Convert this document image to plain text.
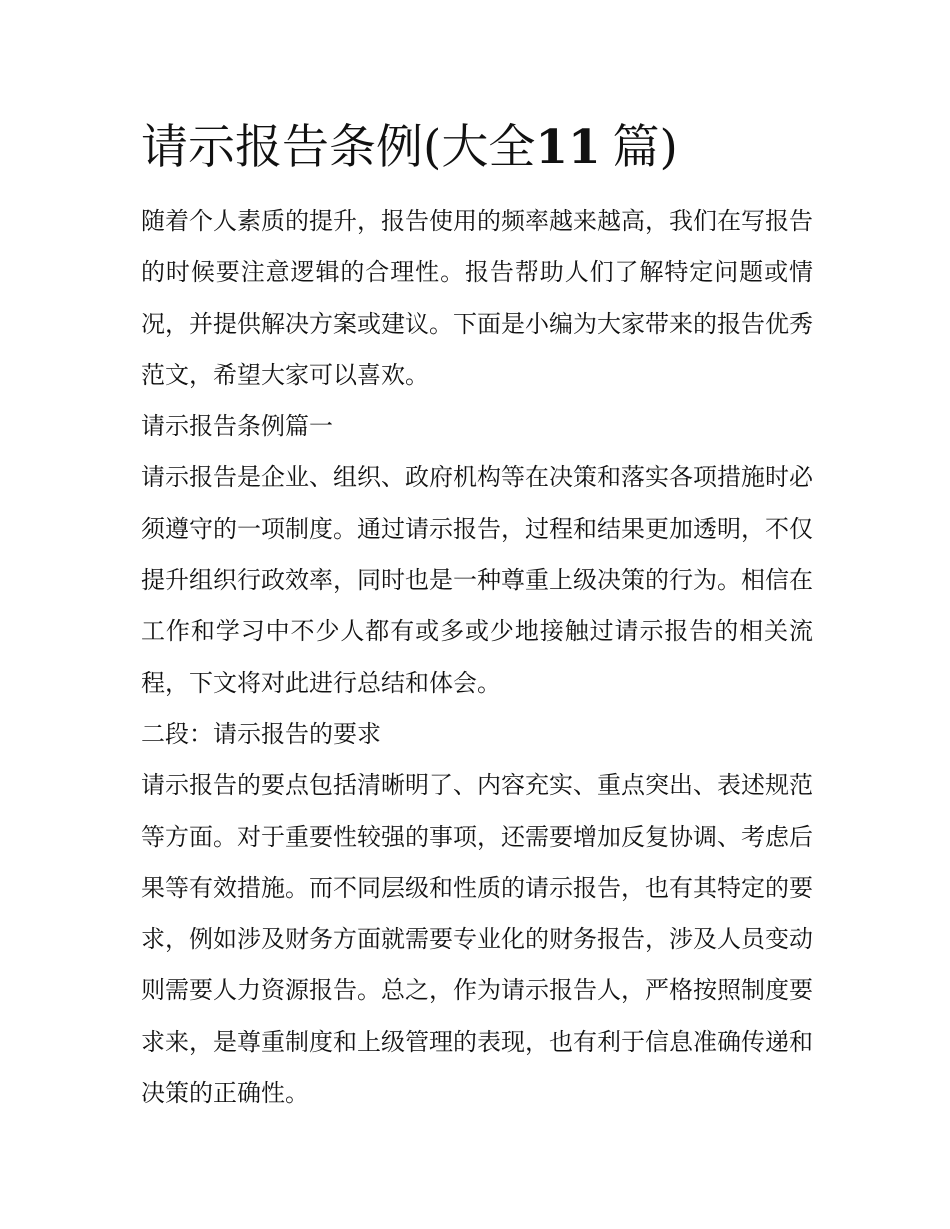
请示报告条例(大全11  篇)

随着个人素质的提升，报告使用的频率越来越高，我们在写报告的时候要注意逻辑的合理性。报告帮助人们了解特定问题或情况，并提供解决方案或建议。下面是小编为大家带来的报告优秀范文，希望大家可以喜欢。

请示报告条例篇一

请示报告是企业、组织、政府机构等在决策和落实各项措施时必须遵守的一项制度。通过请示报告，过程和结果更加透明，不仅提升组织行政效率，同时也是一种尊重上级决策的行为。相信在工作和学习中不少人都有或多或少地接触过请示报告的相关流程，下文将对此进行总结和体会。

二段：请示报告的要求

请示报告的要点包括清晰明了、内容充实、重点突出、表述规范等方面。对于重要性较强的事项，还需要增加反复协调、考虑后果等有效措施。而不同层级和性质的请示报告，也有其特定的要求，例如涉及财务方面就需要专业化的财务报告，涉及人员变动则需要人力资源报告。总之，作为请示报告人，严格按照制度要求来，是尊重制度和上级管理的表现，也有利于信息准确传递和决策的正确性。
